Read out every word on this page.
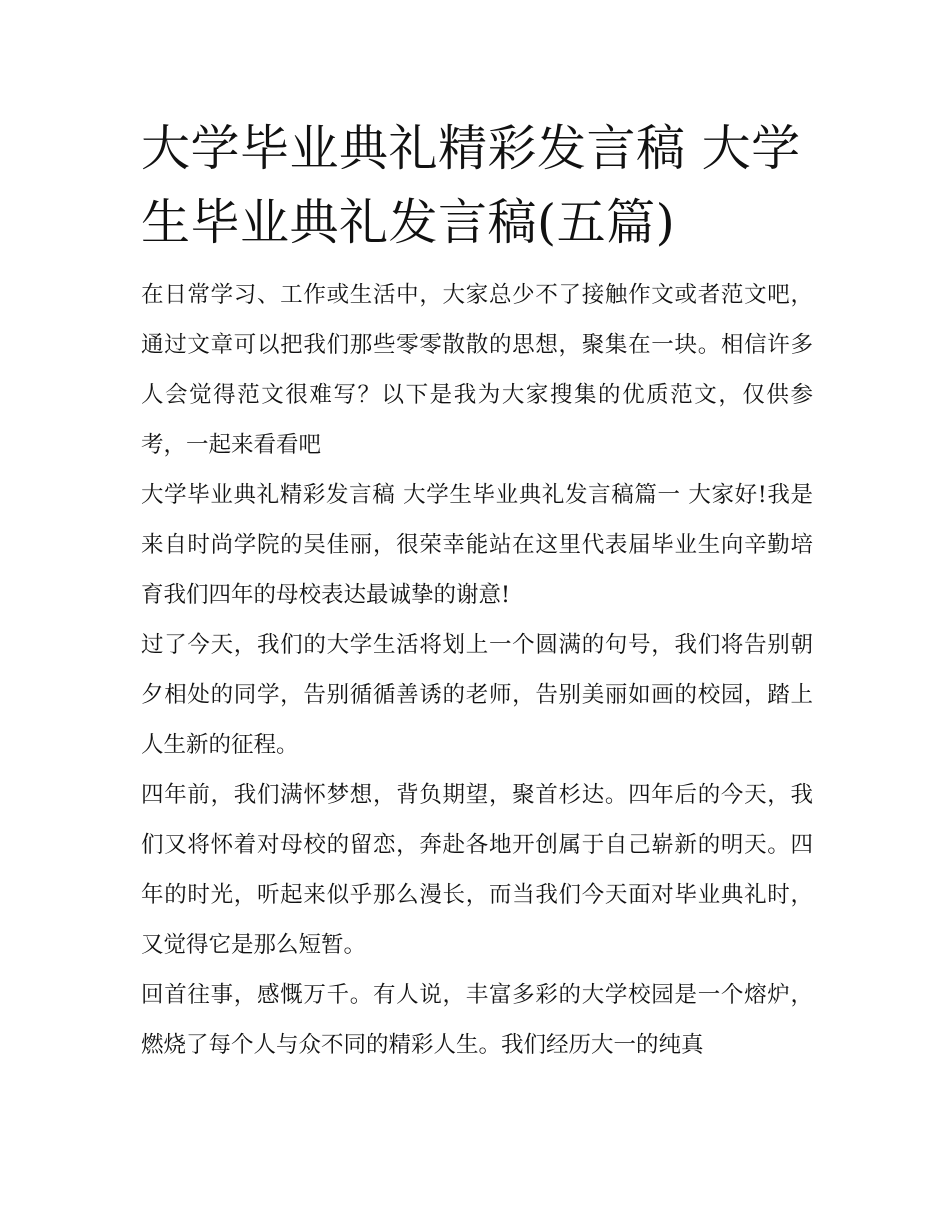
大学毕业典礼精彩发言稿 大学生毕业典礼发言稿(五篇)

在日常学习、工作或生活中，大家总少不了接触作文或者范文吧，通过文章可以把我们那些零零散散的思想，聚集在一块。相信许多人会觉得范文很难写？以下是我为大家搜集的优质范文，仅供参考，一起来看看吧

大学毕业典礼精彩发言稿 大学生毕业典礼发言稿篇一 大家好!我是来自时尚学院的吴佳丽，很荣幸能站在这里代表届毕业生向辛勤培育我们四年的母校表达最诚挚的谢意!

过了今天，我们的大学生活将划上一个圆满的句号，我们将告别朝夕相处的同学，告别循循善诱的老师，告别美丽如画的校园，踏上人生新的征程。

四年前，我们满怀梦想，背负期望，聚首杉达。四年后的今天，我们又将怀着对母校的留恋，奔赴各地开创属于自己崭新的明天。四年的时光，听起来似乎那么漫长，而当我们今天面对毕业典礼时，又觉得它是那么短暂。

回首往事，感慨万千。有人说，丰富多彩的大学校园是一个熔炉，燃烧了每个人与众不同的精彩人生。我们经历大一的纯真
